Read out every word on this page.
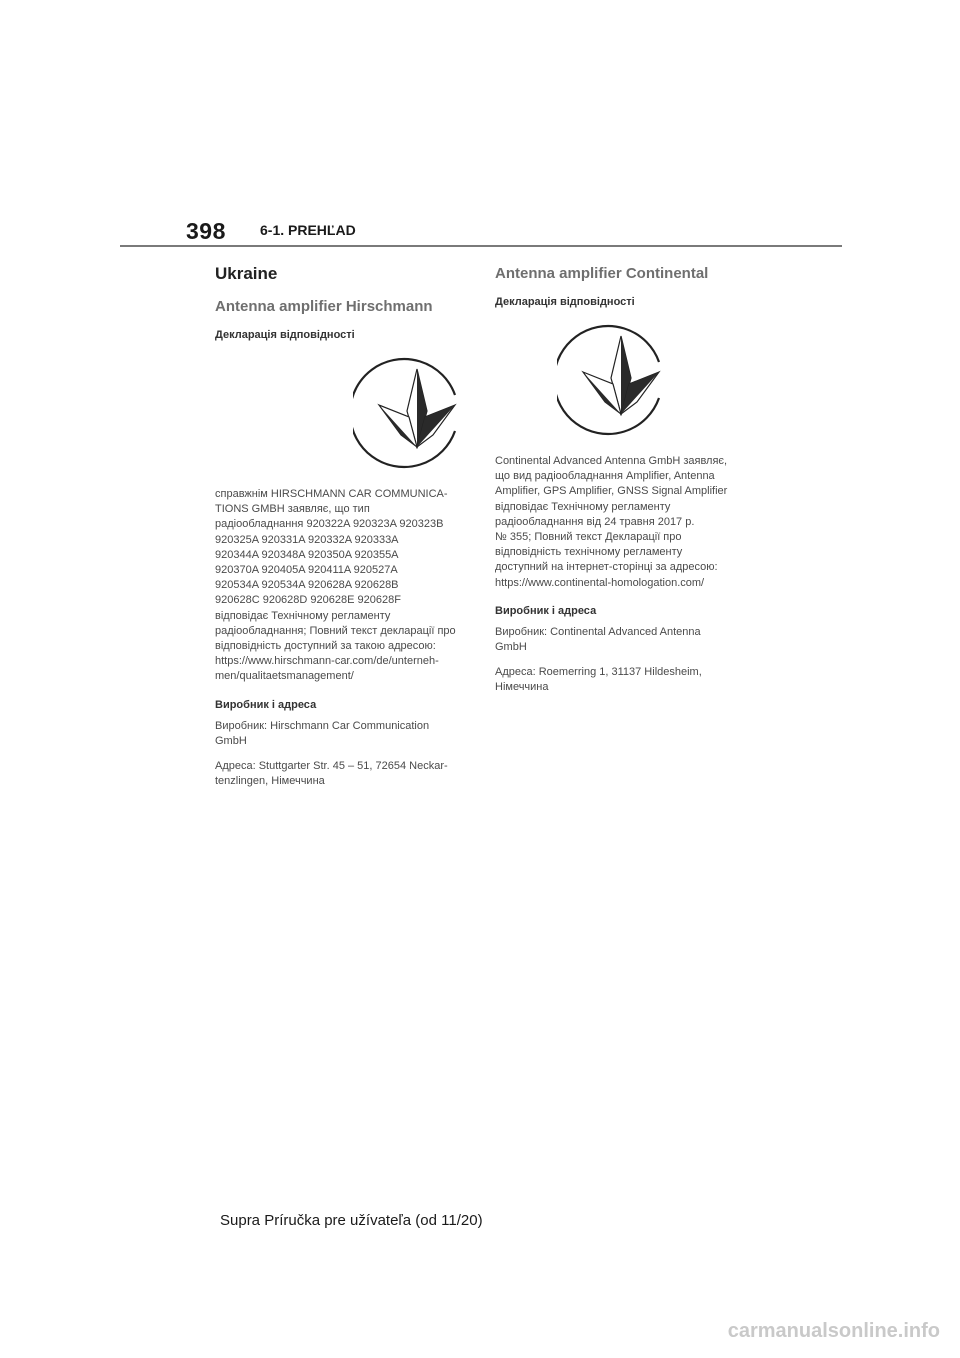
398 6-1. PREHĽAD
Ukraine
Antenna amplifier Hirschmann
Декларація відповідності
справжнім HIRSCHMANN CAR COMMUNICA-
TIONS GMBH заявляє, що тип
радіообладнання 920322A 920323A 920323B
920325A 920331A 920332A 920333A
920344A 920348A 920350A 920355A
920370A 920405A 920411A 920527A
920534A 920534A 920628A 920628B
920628C 920628D 920628E 920628F
відповідає Технічному регламенту
радіообладнання; Повний текст декларації про
відповідність доступний за такою адресою:
https://www.hirschmann-car.com/de/unterneh-
men/qualitaetsmanagement/
Виробник і адреса
Виробник: Hirschmann Car Communication
GmbH
Адреса: Stuttgarter Str. 45 – 51, 72654 Neckar-
tenzlingen, Німеччина
Antenna amplifier Continental
Декларація відповідності
Continental Advanced Antenna GmbH заявляє,
що вид радіообладнання Amplifier, Antenna
Amplifier, GPS Amplifier, GNSS Signal Amplifier
відповідає Технічному регламенту
радіообладнання від 24 травня 2017 р.
№ 355; Повний текст Декларації про
відповідність технічному регламенту
доступний на інтернет-сторінці за адресою:
https://www.continental-homologation.com/
Виробник і адреса
Виробник: Continental Advanced Antenna
GmbH
Адреса: Roemerring 1, 31137 Hildesheim,
Німеччина
Supra Príručka pre užívateľa (od 11/20)
carmanualsonline.info
